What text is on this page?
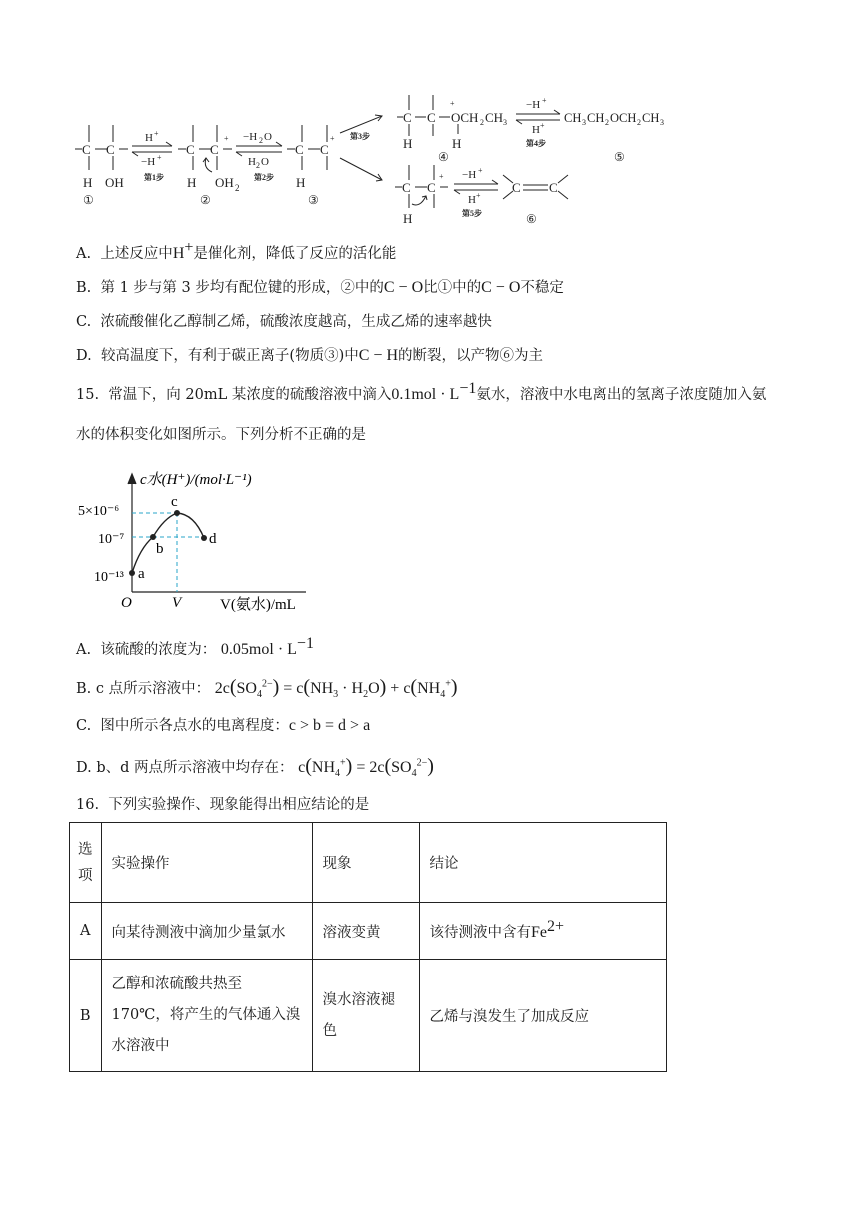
C C
H OH
①
H +
−H +
第1步
C C
+
H OH 2
②
−H 2 O
H 2 O
第2步
C C
+
H
③
第3步
C C
+
OCH 2 CH 3
H	H
④
−H +
H +
第4步
CH 3 CH 2 OCH 2 CH 3
⑤
C C
+
H
−H +
H +
第5步
C C
⑥
A. 上述反应中H+是催化剂，降低了反应的活化能
B. 第 1 步与第 3 步均有配位键的形成，②中的C − O比①中的C − O不稳定
C. 浓硫酸催化乙醇制乙烯，硫酸浓度越高，生成乙烯的速率越快
D. 较高温度下，有利于碳正离子(物质③)中C − H的断裂，以产物⑥为主
15. 常温下，向 20mL 某浓度的硫酸溶液中滴入$0.1mol \cdot L^{-1}$氨水，溶液中水电离出的氢离子浓度随加入氨
水的体积变化如图所示。下列分析不正确的是
a
b
c
d
c水(H⁺)/(mol·L⁻¹)
O	V	V(氨水)/mL
5×10⁻⁶
10⁻⁷
10⁻¹³
A. 该硫酸的浓度为： $0.05mol \cdot L^{-1}$
B. c 点所示溶液中： $2c(SO_4^{2-}) = c(NH_3 \cdot H_2O) + c(NH_4^+)$
C. 图中所示各点水的电离程度：c > b = d > a
D. b、d 两点所示溶液中均存在： $c(NH_4^+) = 2c(SO_4^{2-})$
16. 下列实验操作、现象能得出相应结论的是
选
项	实验操作	现象	结论
A	向某待测液中滴加少量氯水	溶液变黄	该待测液中含有$Fe^{2+}$
B	乙醇和浓硫酸共热至 170℃，将产生的气体通入溴水溶液中	溴水溶液褪色	乙烯与溴发生了加成反应
